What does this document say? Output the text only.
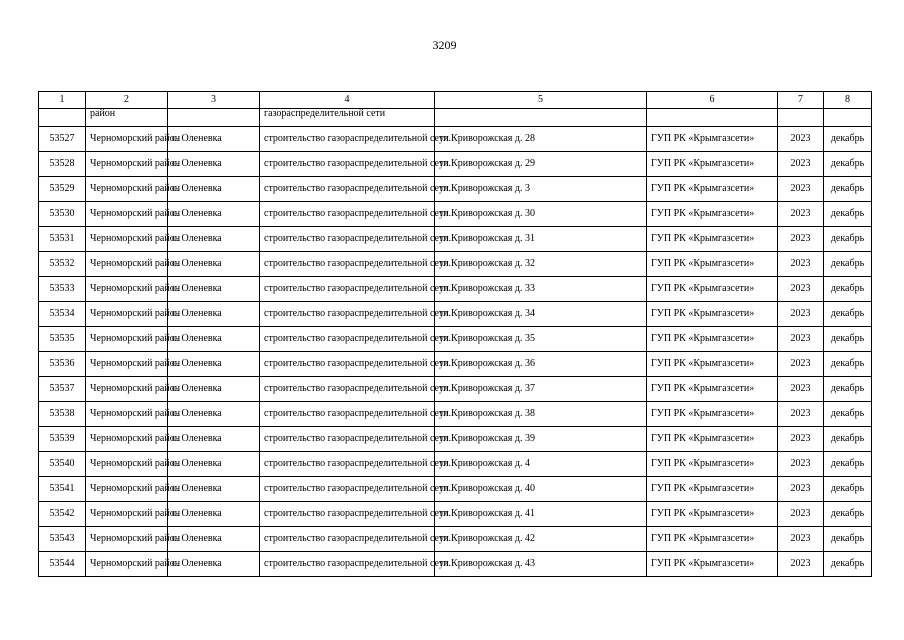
3209
1	2	3	4	5	6	7	8
	район		газораспределительной сети				
53527	Черноморский район	с. Оленевка	строительство газораспределительной сети	ул.Криворожская д. 28	ГУП РК «Крымгазсети»	2023	декабрь
53528	Черноморский район	с. Оленевка	строительство газораспределительной сети	ул.Криворожская д. 29	ГУП РК «Крымгазсети»	2023	декабрь
53529	Черноморский район	с. Оленевка	строительство газораспределительной сети	ул.Криворожская д. 3	ГУП РК «Крымгазсети»	2023	декабрь
53530	Черноморский район	с. Оленевка	строительство газораспределительной сети	ул.Криворожская д. 30	ГУП РК «Крымгазсети»	2023	декабрь
53531	Черноморский район	с. Оленевка	строительство газораспределительной сети	ул.Криворожская д. 31	ГУП РК «Крымгазсети»	2023	декабрь
53532	Черноморский район	с. Оленевка	строительство газораспределительной сети	ул.Криворожская д. 32	ГУП РК «Крымгазсети»	2023	декабрь
53533	Черноморский район	с. Оленевка	строительство газораспределительной сети	ул.Криворожская д. 33	ГУП РК «Крымгазсети»	2023	декабрь
53534	Черноморский район	с. Оленевка	строительство газораспределительной сети	ул.Криворожская д. 34	ГУП РК «Крымгазсети»	2023	декабрь
53535	Черноморский район	с. Оленевка	строительство газораспределительной сети	ул.Криворожская д. 35	ГУП РК «Крымгазсети»	2023	декабрь
53536	Черноморский район	с. Оленевка	строительство газораспределительной сети	ул.Криворожская д. 36	ГУП РК «Крымгазсети»	2023	декабрь
53537	Черноморский район	с. Оленевка	строительство газораспределительной сети	ул.Криворожская д. 37	ГУП РК «Крымгазсети»	2023	декабрь
53538	Черноморский район	с. Оленевка	строительство газораспределительной сети	ул.Криворожская д. 38	ГУП РК «Крымгазсети»	2023	декабрь
53539	Черноморский район	с. Оленевка	строительство газораспределительной сети	ул.Криворожская д. 39	ГУП РК «Крымгазсети»	2023	декабрь
53540	Черноморский район	с. Оленевка	строительство газораспределительной сети	ул.Криворожская д. 4	ГУП РК «Крымгазсети»	2023	декабрь
53541	Черноморский район	с. Оленевка	строительство газораспределительной сети	ул.Криворожская д. 40	ГУП РК «Крымгазсети»	2023	декабрь
53542	Черноморский район	с. Оленевка	строительство газораспределительной сети	ул.Криворожская д. 41	ГУП РК «Крымгазсети»	2023	декабрь
53543	Черноморский район	с. Оленевка	строительство газораспределительной сети	ул.Криворожская д. 42	ГУП РК «Крымгазсети»	2023	декабрь
53544	Черноморский район	с. Оленевка	строительство газораспределительной сети	ул.Криворожская д. 43	ГУП РК «Крымгазсети»	2023	декабрь
